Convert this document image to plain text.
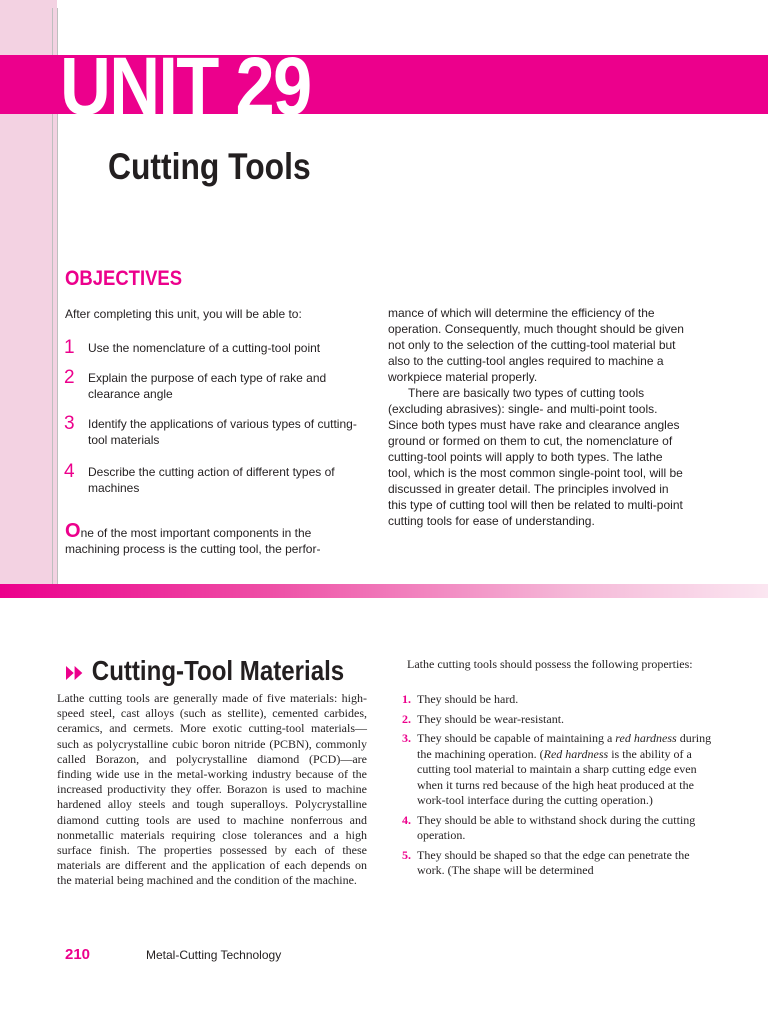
UNIT 29
Cutting Tools
OBJECTIVES
After completing this unit, you will be able to:
1 Use the nomenclature of a cutting-tool point
2 Explain the purpose of each type of rake and clearance angle
3 Identify the applications of various types of cutting-tool materials
4 Describe the cutting action of different types of machines
One of the most important components in the machining process is the cutting tool, the perfor-

mance of which will determine the efficiency of the operation. Consequently, much thought should be given not only to the selection of the cutting-tool material but also to the cutting-tool angles required to machine a workpiece material properly.

There are basically two types of cutting tools (excluding abrasives): single- and multi-point tools. Since both types must have rake and clearance angles ground or formed on them to cut, the nomenclature of cutting-tool points will apply to both types. The lathe tool, which is the most common single-point tool, will be discussed in greater detail. The principles involved in this type of cutting tool will then be related to multi-point cutting tools for ease of understanding.

Cutting-Tool Materials
Lathe cutting tools are generally made of five materials: high-speed steel, cast alloys (such as stellite), cemented carbides, ceramics, and cermets. More exotic cutting-tool materials—such as polycrystalline cubic boron nitride (PCBN), commonly called Borazon, and polycrystalline diamond (PCD)—are finding wide use in the metal-working industry because of the increased productivity they offer. Borazon is used to machine hardened alloy steels and tough superalloys. Polycrystalline diamond cutting tools are used to machine nonferrous and nonmetallic materials requiring close tolerances and a high surface finish. The properties possessed by each of these materials are different and the application of each depends on the material being machined and the condition of the machine.
Lathe cutting tools should possess the following properties:
1. They should be hard.
2. They should be wear-resistant.
3. They should be capable of maintaining a red hardness during the machining operation. (Red hardness is the ability of a cutting tool material to maintain a sharp cutting edge even when it turns red because of the high heat produced at the work-tool interface during the cutting operation.)
4. They should be able to withstand shock during the cutting operation.
5. They should be shaped so that the edge can penetrate the work. (The shape will be determined
210	Metal-Cutting Technology
